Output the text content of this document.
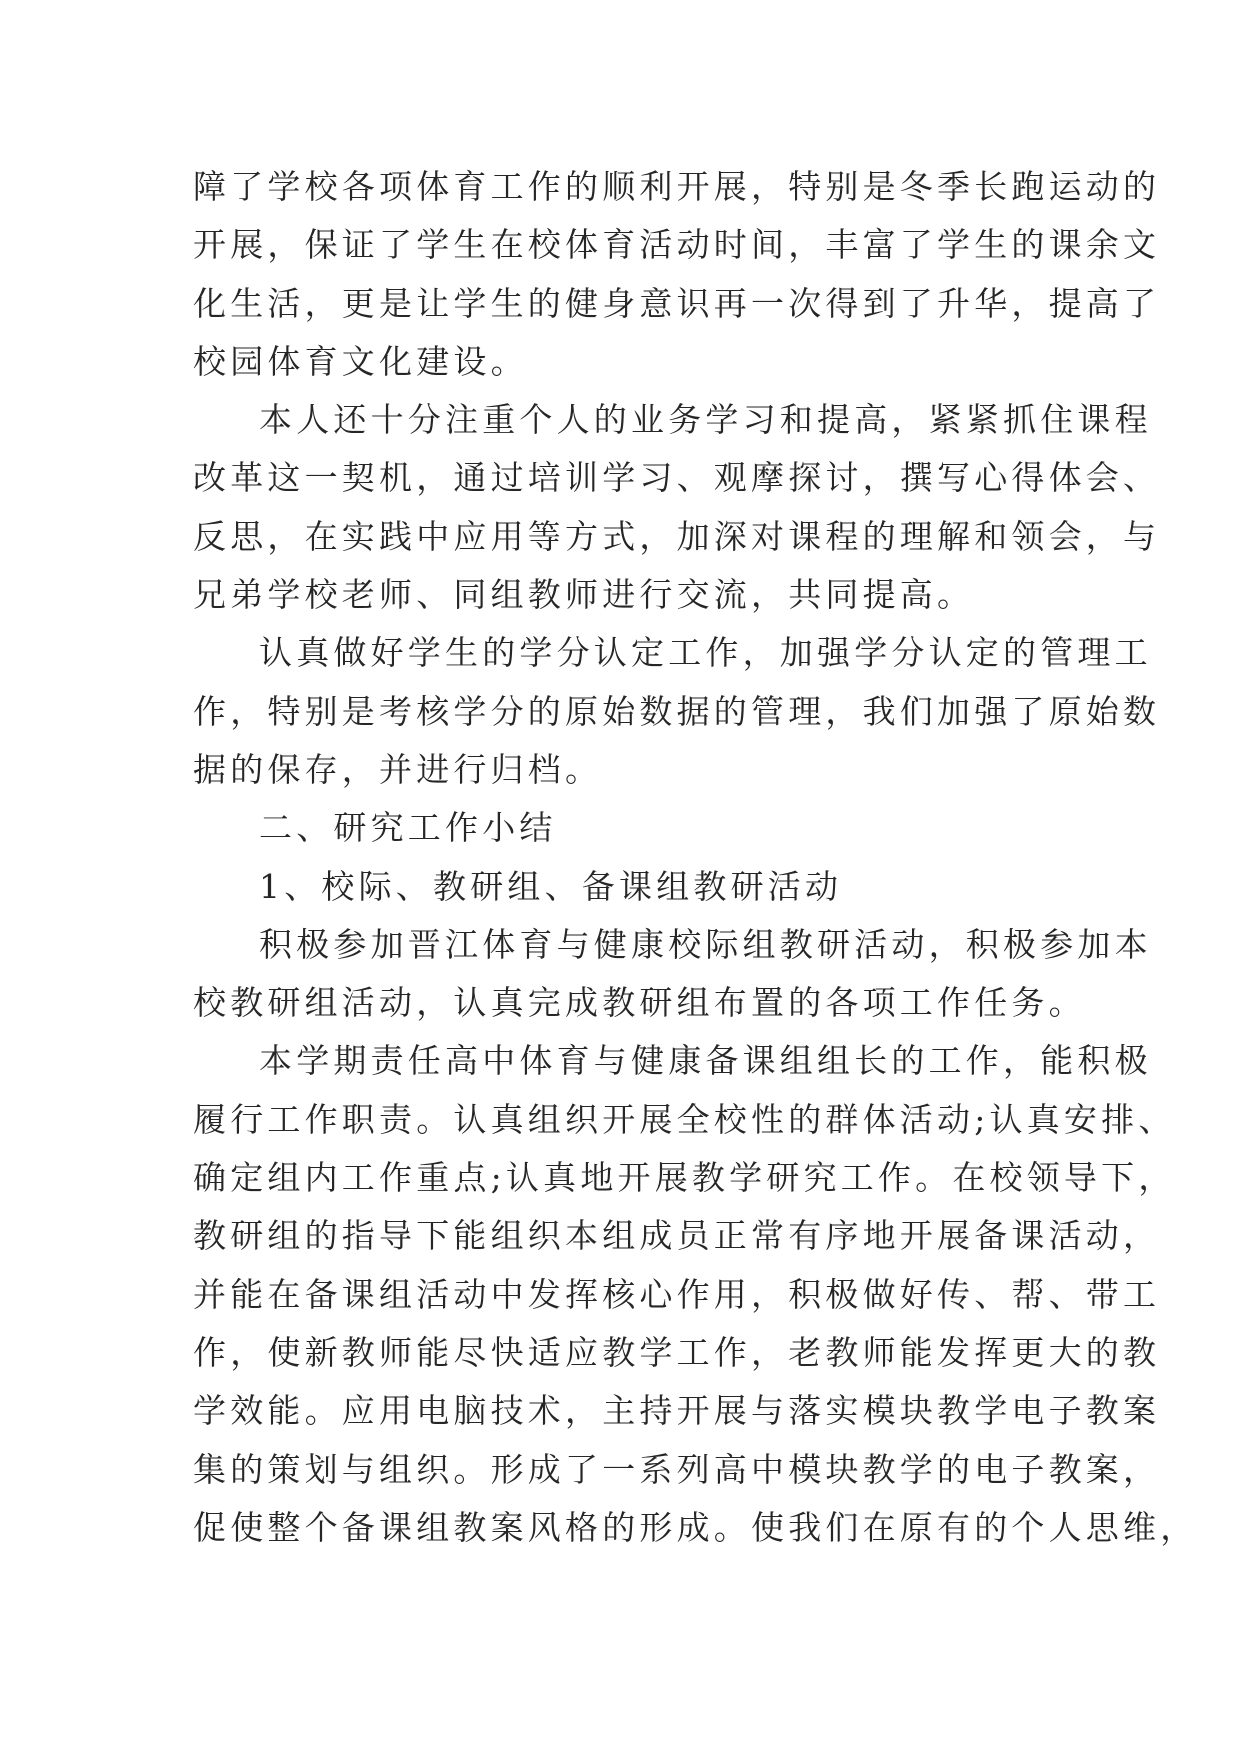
障了学校各项体育工作的顺利开展，特别是冬季长跑运动的
开展，保证了学生在校体育活动时间，丰富了学生的课余文
化生活，更是让学生的健身意识再一次得到了升华，提高了
校园体育文化建设。
本人还十分注重个人的业务学习和提高，紧紧抓住课程
改革这一契机，通过培训学习、观摩探讨，撰写心得体会、
反思，在实践中应用等方式，加深对课程的理解和领会，与
兄弟学校老师、同组教师进行交流，共同提高。
认真做好学生的学分认定工作，加强学分认定的管理工
作，特别是考核学分的原始数据的管理，我们加强了原始数
据的保存，并进行归档。
二、研究工作小结
1、校际、教研组、备课组教研活动
积极参加晋江体育与健康校际组教研活动，积极参加本
校教研组活动，认真完成教研组布置的各项工作任务。
本学期责任高中体育与健康备课组组长的工作，能积极
履行工作职责。认真组织开展全校性的群体活动;认真安排、
确定组内工作重点;认真地开展教学研究工作。在校领导下，
教研组的指导下能组织本组成员正常有序地开展备课活动，
并能在备课组活动中发挥核心作用，积极做好传、帮、带工
作，使新教师能尽快适应教学工作，老教师能发挥更大的教
学效能。应用电脑技术，主持开展与落实模块教学电子教案
集的策划与组织。形成了一系列高中模块教学的电子教案，
促使整个备课组教案风格的形成。使我们在原有的个人思维，
